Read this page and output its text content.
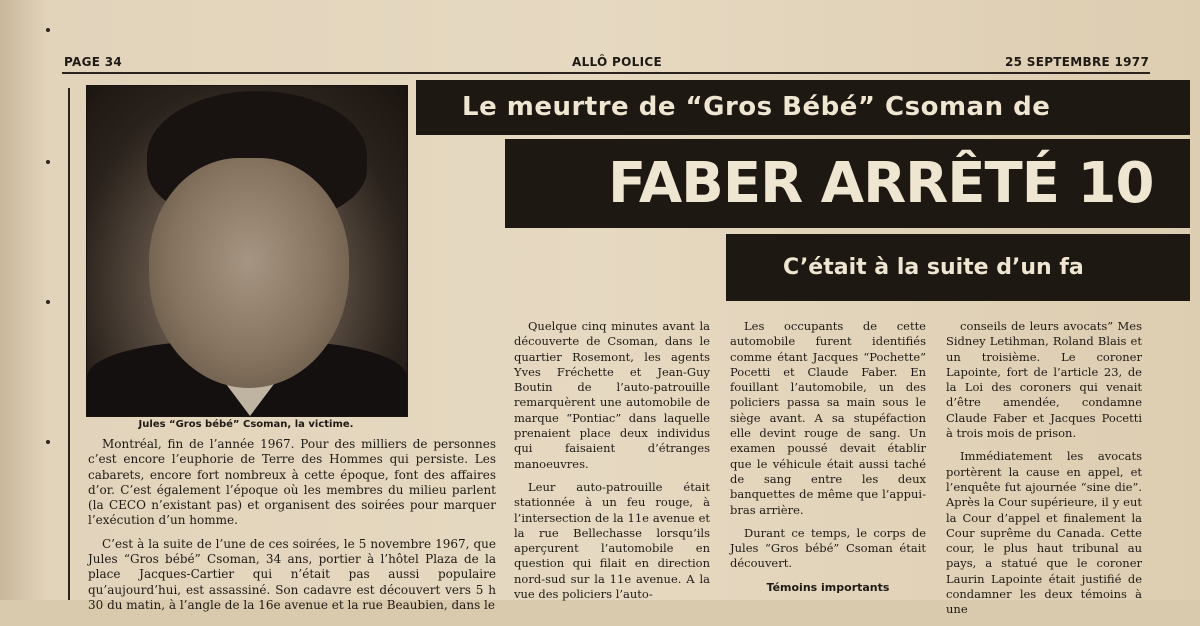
PAGE 34	ALLÔ POLICE	25 SEPTEMBRE 1977
Jules “Gros bébé” Csoman, la victime.
Le meurtre de “Gros Bébé” Csoman de
FABER ARRÊTÉ 10
C’était à la suite d’un fa

Montréal, fin de l’année 1967. Pour des milliers de personnes c’est encore l’euphorie de Terre des Hommes qui persiste. Les cabarets, encore fort nombreux à cette époque, font des affaires d’or. C’est également l’époque où les membres du milieu parlent (la CECO n’existant pas) et organisent des soirées pour marquer l’exécution d’un homme.

C’est à la suite de l’une de ces soirées, le 5 novembre 1967, que Jules “Gros bébé” Csoman, 34 ans, portier à l’hôtel Plaza de la place Jacques-Cartier qui n’était pas aussi populaire qu’aujourd’hui, est assassiné. Son cadavre est découvert vers 5 h 30 du matin, à l’angle de la 16e avenue et la rue Beaubien, dans le

Quelque cinq minutes avant la découverte de Csoman, dans le quartier Rosemont, les agents Yves Fréchette et Jean-Guy Boutin de l’auto-patrouille remarquèrent une automobile de marque “Pontiac” dans laquelle prenaient place deux individus qui faisaient d’étranges manoeuvres.

Leur auto-patrouille était stationnée à un feu rouge, à l’intersection de la 11e avenue et la rue Bellechasse lorsqu’ils aperçurent l’automobile en question qui filait en direction nord-sud sur la 11e avenue. A la vue des policiers l’auto-

Les occupants de cette automobile furent identifiés comme étant Jacques “Pochette” Pocetti et Claude Faber. En fouillant l’automobile, un des policiers passa sa main sous le siège avant. A sa stupéfaction elle devint rouge de sang. Un examen poussé devait établir que le véhicule était aussi taché de sang entre les deux banquettes de même que l’appui-bras arrière.

Durant ce temps, le corps de Jules “Gros bébé” Csoman était découvert.

Témoins importants

conseils de leurs avocats” Mes Sidney Letihman, Roland Blais et un troisième. Le coroner Lapointe, fort de l’article 23, de la Loi des coroners qui venait d’être amendée, condamne Claude Faber et Jacques Pocetti à trois mois de prison.

Immédiatement les avocats portèrent la cause en appel, et l’enquête fut ajournée “sine die”. Après la Cour supérieure, il y eut la Cour d’appel et finalement la Cour suprême du Canada. Cette cour, le plus haut tribunal au pays, a statué que le coroner Laurin Lapointe était justifié de condamner les deux témoins à une
